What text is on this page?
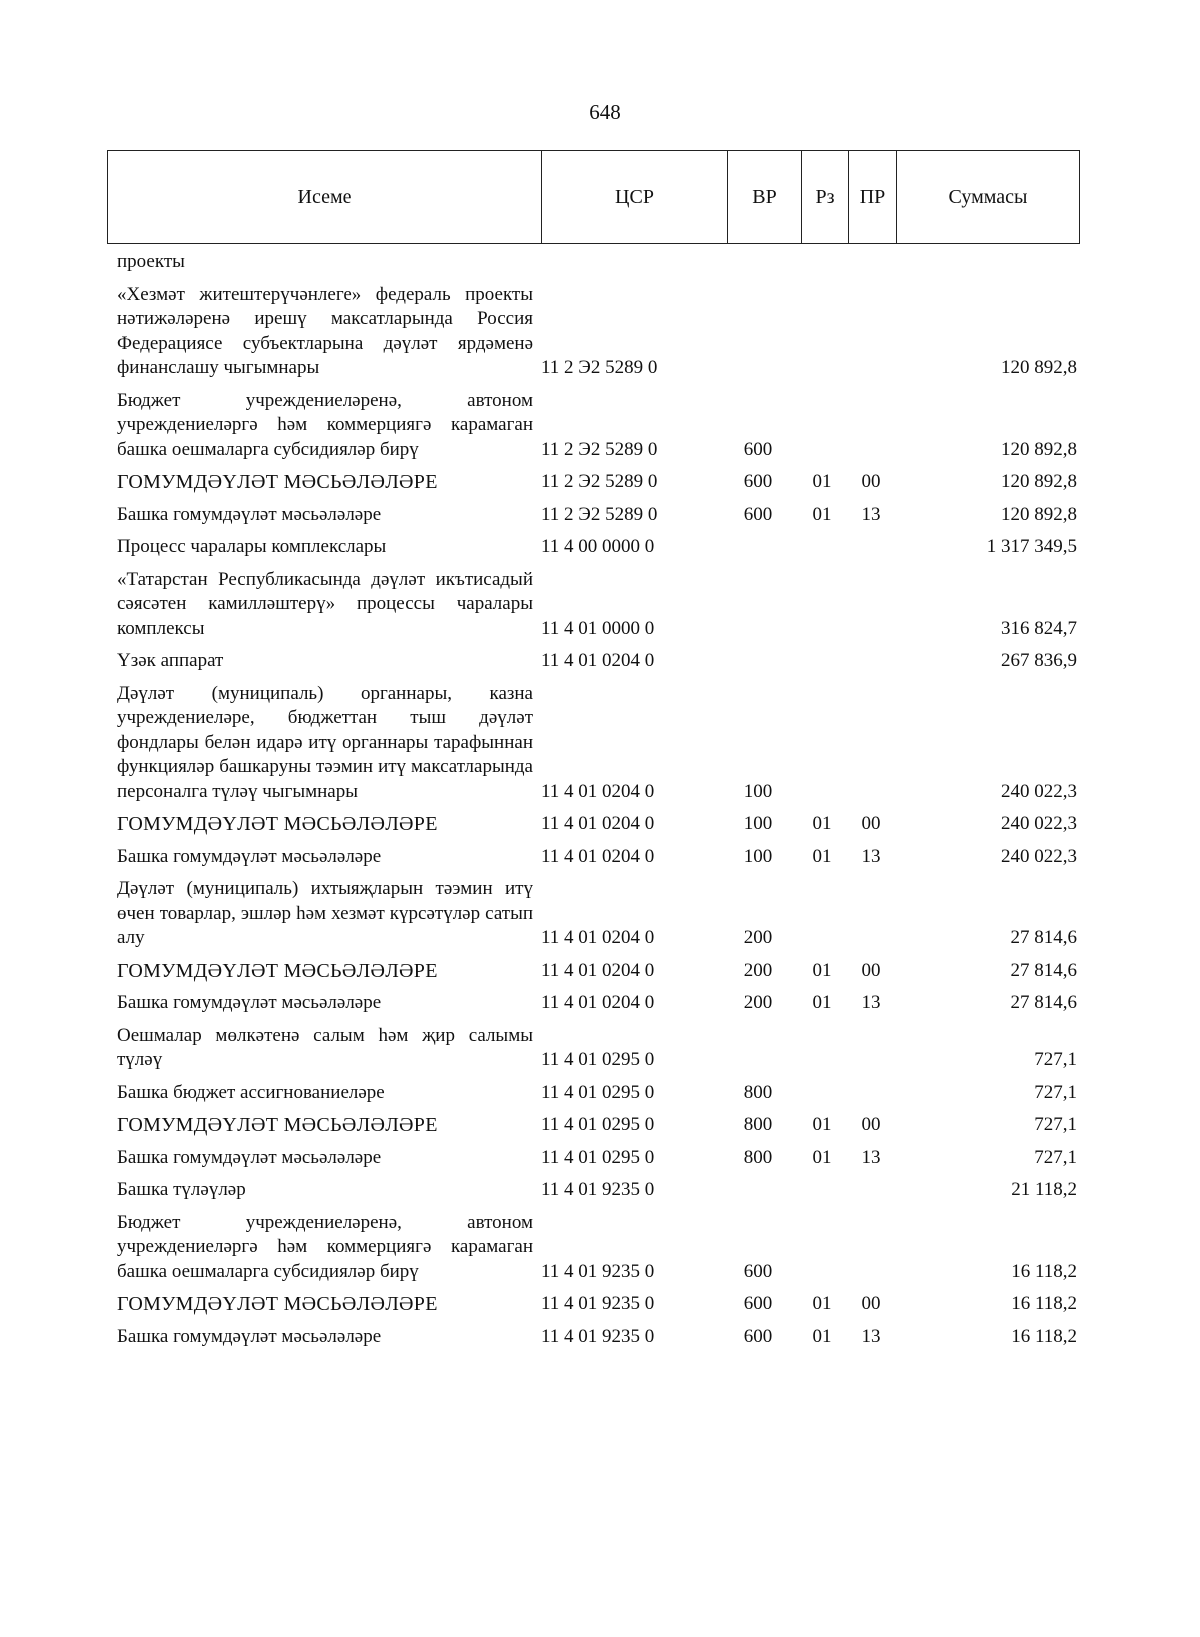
648
Исеме	ЦСР	ВР	Рз	ПР	Суммасы
проекты					
«Хезмәт житештерүчәнлеге» федераль проекты нәтижәләренә ирешү максатларында Россия Федерациясе субъектларына дәүләт ярдәменә финанслашу чыгымнары	11 2 Э2 5289 0				120 892,8
Бюджет учреждениеләренә, автоном учреждениеләргә һәм коммерциягә карамаган башка оешмаларга субсидияләр бирү	11 2 Э2 5289 0	600			120 892,8
ГОМУМДӘҮЛӘТ МӘСЬӘЛӘЛӘРЕ	11 2 Э2 5289 0	600	01	00	120 892,8
Башка гомумдәүләт мәсьәләләре	11 2 Э2 5289 0	600	01	13	120 892,8
Процесс чаралары комплекслары	11 4 00 0000 0				1 317 349,5
«Татарстан Республикасында дәүләт икътисадый сәясәтен камилләштерү» процессы чаралары комплексы	11 4 01 0000 0				316 824,7
Үзәк аппарат	11 4 01 0204 0				267 836,9
Дәүләт (муниципаль) органнары, казна учреждениеләре, бюджеттан тыш дәүләт фондлары белән идарә итү органнары тарафыннан функцияләр башкаруны тәэмин итү максатларында персоналга түләү чыгымнары	11 4 01 0204 0	100			240 022,3
ГОМУМДӘҮЛӘТ МӘСЬӘЛӘЛӘРЕ	11 4 01 0204 0	100	01	00	240 022,3
Башка гомумдәүләт мәсьәләләре	11 4 01 0204 0	100	01	13	240 022,3
Дәүләт (муниципаль) ихтыяҗларын тәэмин итү өчен товарлар, эшләр һәм хезмәт күрсәтүләр сатып алу	11 4 01 0204 0	200			27 814,6
ГОМУМДӘҮЛӘТ МӘСЬӘЛӘЛӘРЕ	11 4 01 0204 0	200	01	00	27 814,6
Башка гомумдәүләт мәсьәләләре	11 4 01 0204 0	200	01	13	27 814,6
Оешмалар мөлкәтенә салым һәм җир салымы түләү	11 4 01 0295 0				727,1
Башка бюджет ассигнованиеләре	11 4 01 0295 0	800			727,1
ГОМУМДӘҮЛӘТ МӘСЬӘЛӘЛӘРЕ	11 4 01 0295 0	800	01	00	727,1
Башка гомумдәүләт мәсьәләләре	11 4 01 0295 0	800	01	13	727,1
Башка түләүләр	11 4 01 9235 0				21 118,2
Бюджет учреждениеләренә, автоном учреждениеләргә һәм коммерциягә карамаган башка оешмаларга субсидияләр бирү	11 4 01 9235 0	600			16 118,2
ГОМУМДӘҮЛӘТ МӘСЬӘЛӘЛӘРЕ	11 4 01 9235 0	600	01	00	16 118,2
Башка гомумдәүләт мәсьәләләре	11 4 01 9235 0	600	01	13	16 118,2
